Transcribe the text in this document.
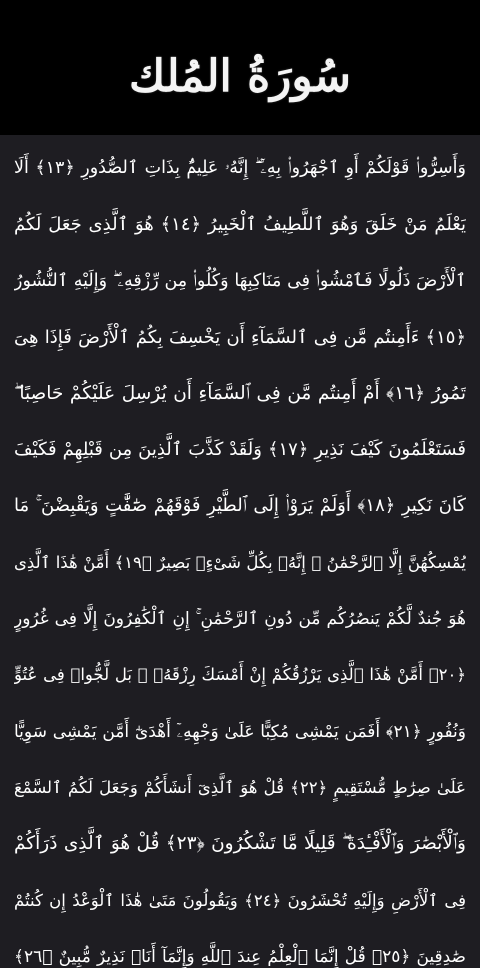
سُورَةُ المُلك
وَأَسِرُّوا۟ قَوْلَكُمْ أَوِ ٱجْهَرُوا۟ بِهِۦٓ ۖ إِنَّهُۥ عَلِيمٌۢ بِذَاتِ ٱلصُّدُورِ ﴿١٣﴾ أَلَا
يَعْلَمُ مَنْ خَلَقَ وَهُوَ ٱللَّطِيفُ ٱلْخَبِيرُ ﴿١٤﴾ هُوَ ٱلَّذِى جَعَلَ لَكُمُ
ٱلْأَرْضَ ذَلُولًا فَٱمْشُوا۟ فِى مَنَاكِبِهَا وَكُلُوا۟ مِن رِّزْقِهِۦ ۖ وَإِلَيْهِ ٱلنُّشُورُ
﴿١٥﴾ ءَأَمِنتُم مَّن فِى ٱلسَّمَآءِ أَن يَخْسِفَ بِكُمُ ٱلْأَرْضَ فَإِذَا هِىَ
تَمُورُ ﴿١٦﴾ أَمْ أَمِنتُم مَّن فِى ٱلسَّمَآءِ أَن يُرْسِلَ عَلَيْكُمْ حَاصِبًا ۖ
فَسَتَعْلَمُونَ كَيْفَ نَذِيرِ ﴿١٧﴾ وَلَقَدْ كَذَّبَ ٱلَّذِينَ مِن قَبْلِهِمْ فَكَيْفَ
كَانَ نَكِيرِ ﴿١٨﴾ أَوَلَمْ يَرَوْا۟ إِلَى ٱلطَّيْرِ فَوْقَهُمْ صَٰٓفَّٰتٍ وَيَقْبِضْنَ ۚ مَا
يُمْسِكُهُنَّ إِلَّا ٱلرَّحْمَٰنُ ۚ إِنَّهُۥ بِكُلِّ شَىْءٍۭ بَصِيرٌ ﴿١٩﴾ أَمَّنْ هَٰذَا ٱلَّذِى
هُوَ جُندٌ لَّكُمْ يَنصُرُكُم مِّن دُونِ ٱلرَّحْمَٰنِ ۚ إِنِ ٱلْكَٰفِرُونَ إِلَّا فِى غُرُورٍ
﴿٢٠﴾ أَمَّنْ هَٰذَا ٱلَّذِى يَرْزُقُكُمْ إِنْ أَمْسَكَ رِزْقَهُۥ ۚ بَل لَّجُّوا۟ فِى عُتُوٍّ
وَنُفُورٍ ﴿٢١﴾ أَفَمَن يَمْشِى مُكِبًّا عَلَىٰ وَجْهِهِۦٓ أَهْدَىٰٓ أَمَّن يَمْشِى سَوِيًّا
عَلَىٰ صِرَٰطٍ مُّسْتَقِيمٍ ﴿٢٢﴾ قُلْ هُوَ ٱلَّذِىٓ أَنشَأَكُمْ وَجَعَلَ لَكُمُ ٱلسَّمْعَ
وَٱلْأَبْصَٰرَ وَٱلْأَفْـِٔدَةَ ۖ قَلِيلًا مَّا تَشْكُرُونَ ﴿٢٣﴾ قُلْ هُوَ ٱلَّذِى ذَرَأَكُمْ
فِى ٱلْأَرْضِ وَإِلَيْهِ تُحْشَرُونَ ﴿٢٤﴾ وَيَقُولُونَ مَتَىٰ هَٰذَا ٱلْوَعْدُ إِن كُنتُمْ
صَٰدِقِينَ ﴿٢٥﴾ قُلْ إِنَّمَا ٱلْعِلْمُ عِندَ ٱللَّهِ وَإِنَّمَآ أَنَا۠ نَذِيرٌ مُّبِينٌ ﴿٢٦﴾
